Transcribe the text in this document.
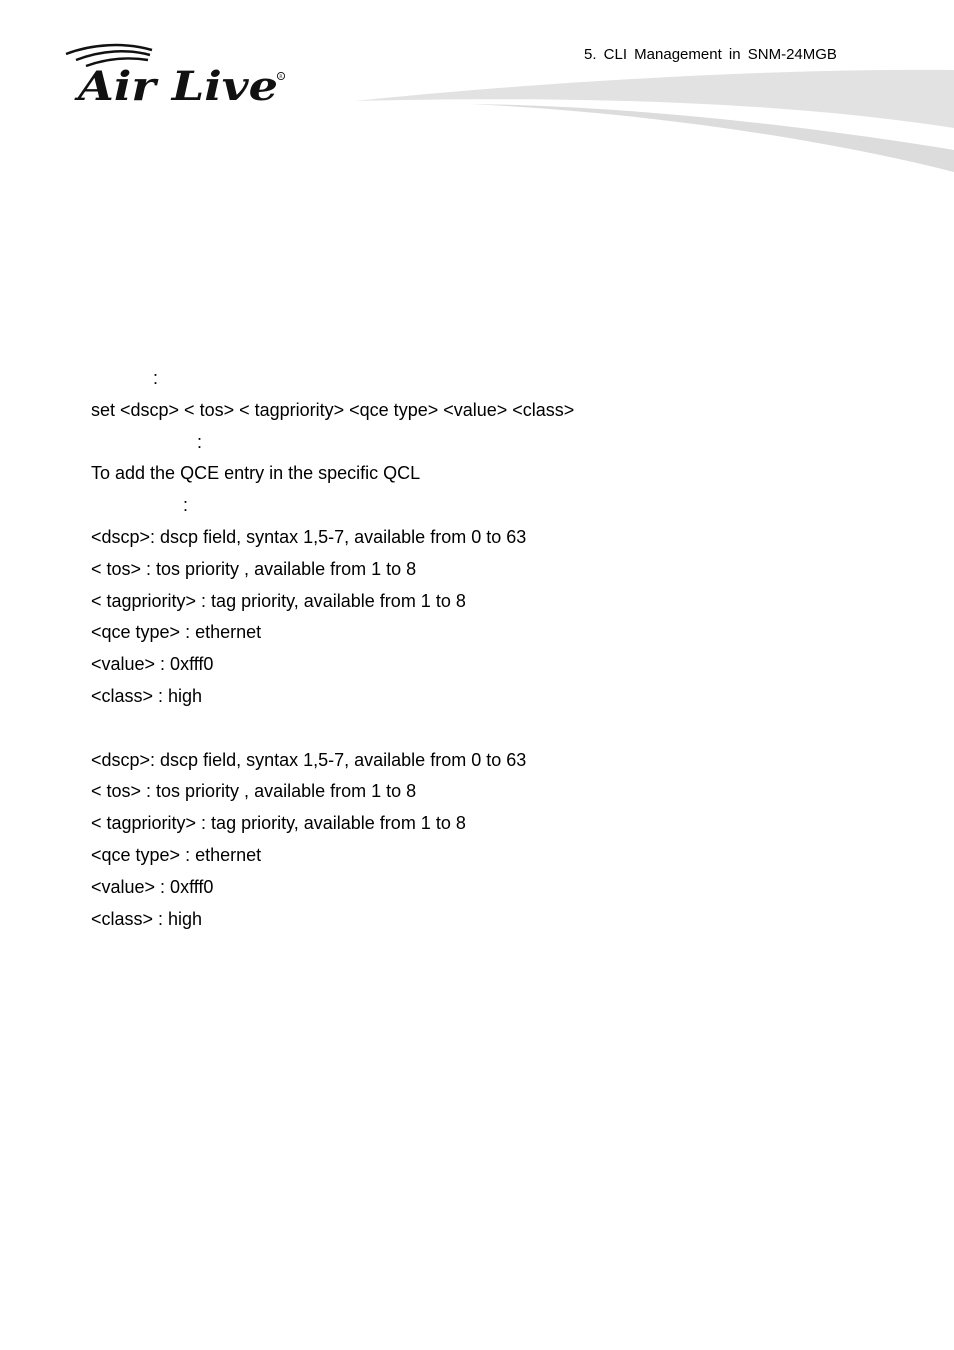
Air Live R
5. CLI Management in SNM-24MGB

:

set <dscp> < tos> < tagpriority> <qce type> <value> <class>

:

To add the QCE entry in the specific QCL

:

<dscp>: dscp field, syntax 1,5-7, available from 0 to 63
< tos> : tos priority , available from 1 to 8
< tagpriority> : tag priority, available from 1 to 8
<qce type> : ethernet
<value> : 0xfff0
<class> : high
<dscp>: dscp field, syntax 1,5-7, available from 0 to 63
< tos> : tos priority , available from 1 to 8
< tagpriority> : tag priority, available from 1 to 8
<qce type> : ethernet
<value> : 0xfff0
<class> : high
